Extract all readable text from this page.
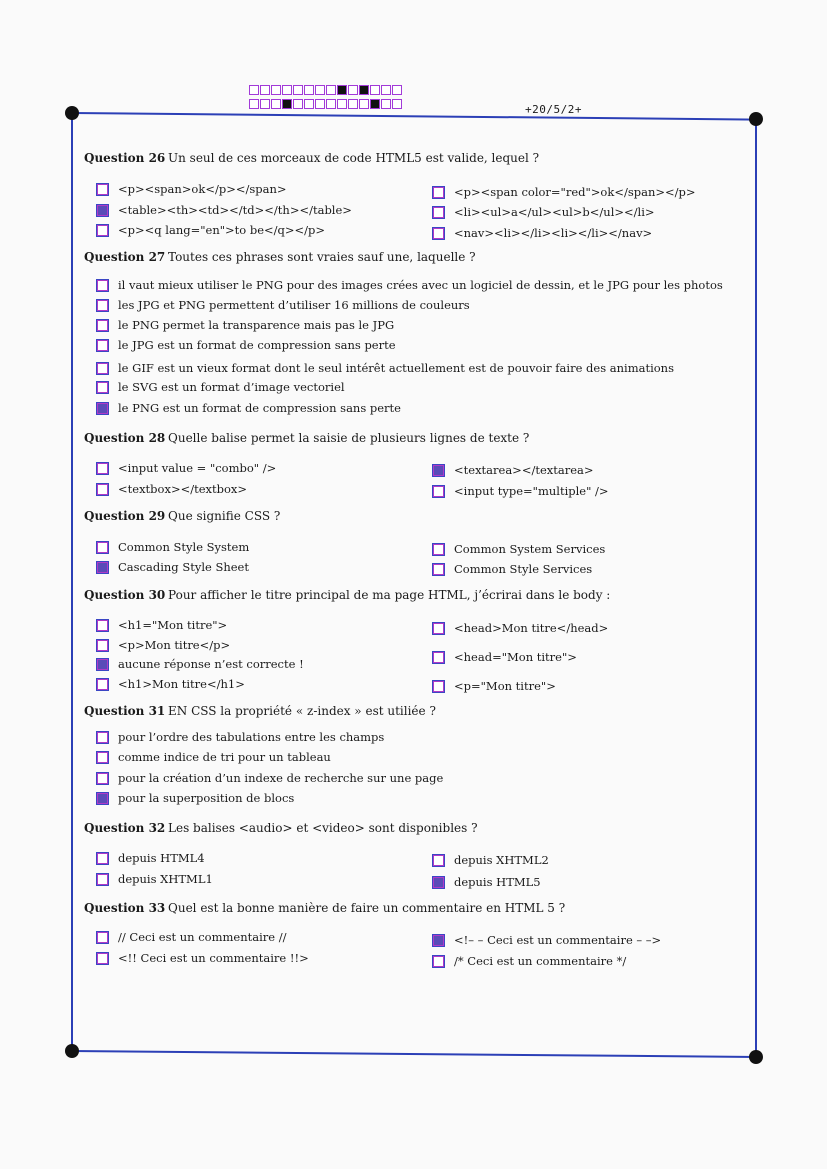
+20/5/2+
Question 26 Un seul de ces morceaux de code HTML5 est valide, lequel ?
<p><span>ok</p></span>
<table><th><td></td></th></table>
<p><q lang="en">to be</q></p>
<p><span color="red">ok</span></p>
<li><ul>a</ul><ul>b</ul></li>
<nav><li></li><li></li></nav>
Question 27 Toutes ces phrases sont vraies sauf une, laquelle ?
il vaut mieux utiliser le PNG pour des images crées avec un logiciel de dessin, et le JPG pour les photos
les JPG et PNG permettent d’utiliser 16 millions de couleurs
le PNG permet la transparence mais pas le JPG
le JPG est un format de compression sans perte
le GIF est un vieux format dont le seul intérêt actuellement est de pouvoir faire des animations
le SVG est un format d’image vectoriel
le PNG est un format de compression sans perte
Question 28 Quelle balise permet la saisie de plusieurs lignes de texte ?
<input value = "combo" />
<textbox></textbox>
<textarea></textarea>
<input type="multiple" />
Question 29 Que signifie CSS ?
Common Style System
Cascading Style Sheet
Common System Services
Common Style Services
Question 30 Pour afficher le titre principal de ma page HTML, j’écrirai dans le body :
<h1="Mon titre">
<p>Mon titre</p>
aucune réponse n’est correcte !
<h1>Mon titre</h1>
<head>Mon titre</head>
<head="Mon titre">
<p="Mon titre">
Question 31 EN CSS la propriété « z-index » est utiliée ?
pour l’ordre des tabulations entre les champs
comme indice de tri pour un tableau
pour la création d’un indexe de recherche sur une page
pour la superposition de blocs
Question 32 Les balises <audio> et <video> sont disponibles ?
depuis HTML4
depuis XHTML1
depuis XHTML2
depuis HTML5
Question 33 Quel est la bonne manière de faire un commentaire en HTML 5 ?
// Ceci est un commentaire //
<!! Ceci est un commentaire !!>
<!– – Ceci est un commentaire – –>
/* Ceci est un commentaire */
